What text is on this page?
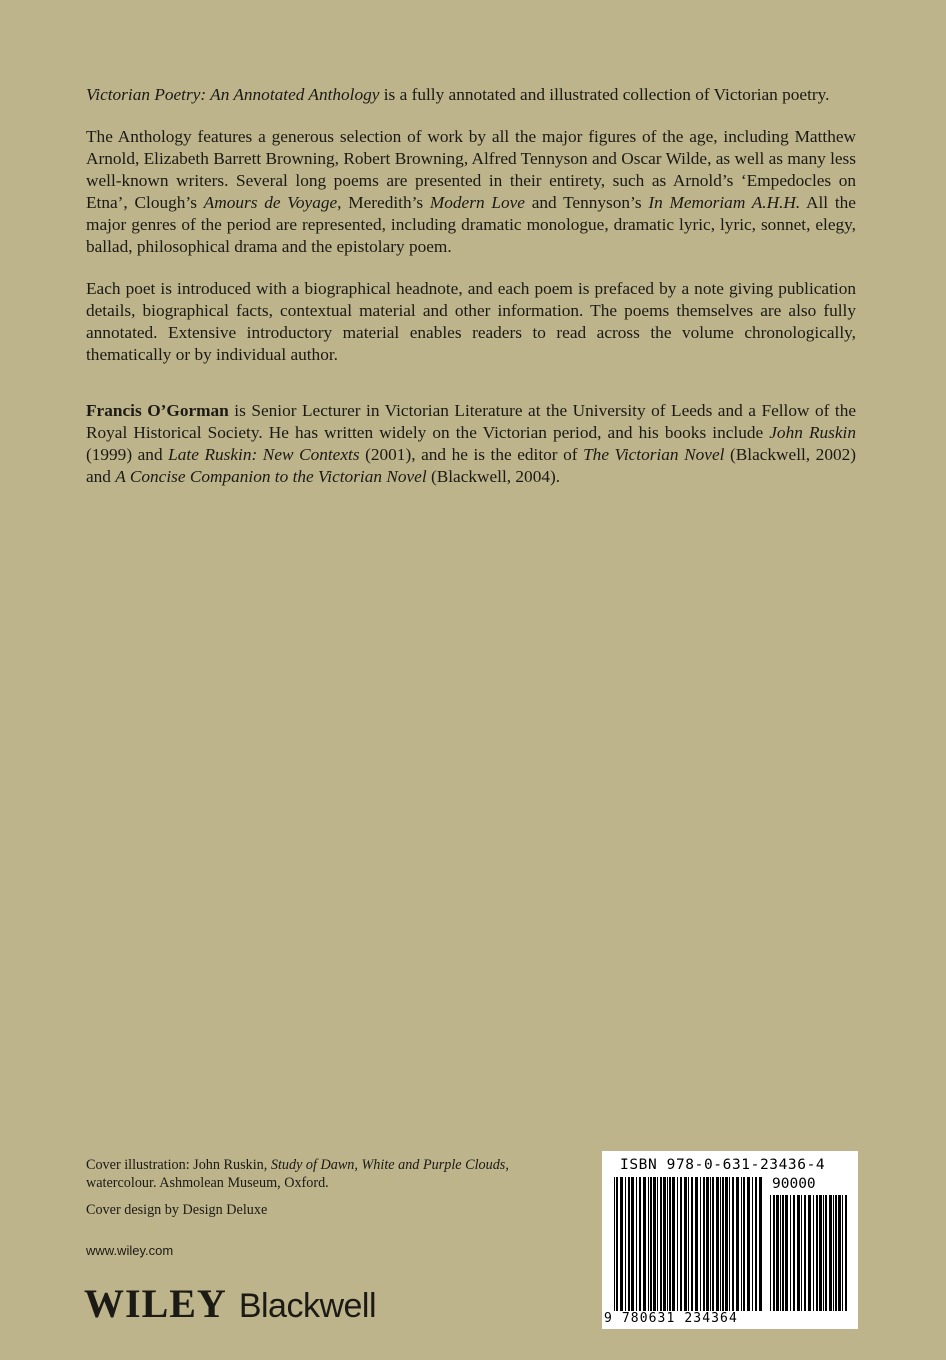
Victorian Poetry: An Annotated Anthology is a fully annotated and illustrated collection of Victorian poetry.

The Anthology features a generous selection of work by all the major figures of the age, including Matthew Arnold, Elizabeth Barrett Browning, Robert Browning, Alfred Tennyson and Oscar Wilde, as well as many less well-known writers. Several long poems are presented in their entirety, such as Arnold’s ‘Empedocles on Etna’, Clough’s Amours de Voyage, Meredith’s Modern Love and Tennyson’s In Memoriam A.H.H. All the major genres of the period are represented, including dramatic monologue, dramatic lyric, lyric, sonnet, elegy, ballad, philosophical drama and the epistolary poem.

Each poet is introduced with a biographical headnote, and each poem is prefaced by a note giving publication details, biographical facts, contextual material and other information. The poems themselves are also fully annotated. Extensive introductory material enables readers to read across the volume chronologically, thematically or by individual author.

Francis O’Gorman is Senior Lecturer in Victorian Literature at the University of Leeds and a Fellow of the Royal Historical Society. He has written widely on the Victorian period, and his books include John Ruskin (1999) and Late Ruskin: New Contexts (2001), and he is the editor of The Victorian Novel (Blackwell, 2002) and A Concise Companion to the Victorian Novel (Blackwell, 2004).

Cover illustration: John Ruskin, Study of Dawn, White and Purple Clouds, watercolour. Ashmolean Museum, Oxford.

Cover design by Design Deluxe

www.wiley.com
WILEY Blackwell
ISBN 978-0-631-23436-4
90000
9 780631 234364
